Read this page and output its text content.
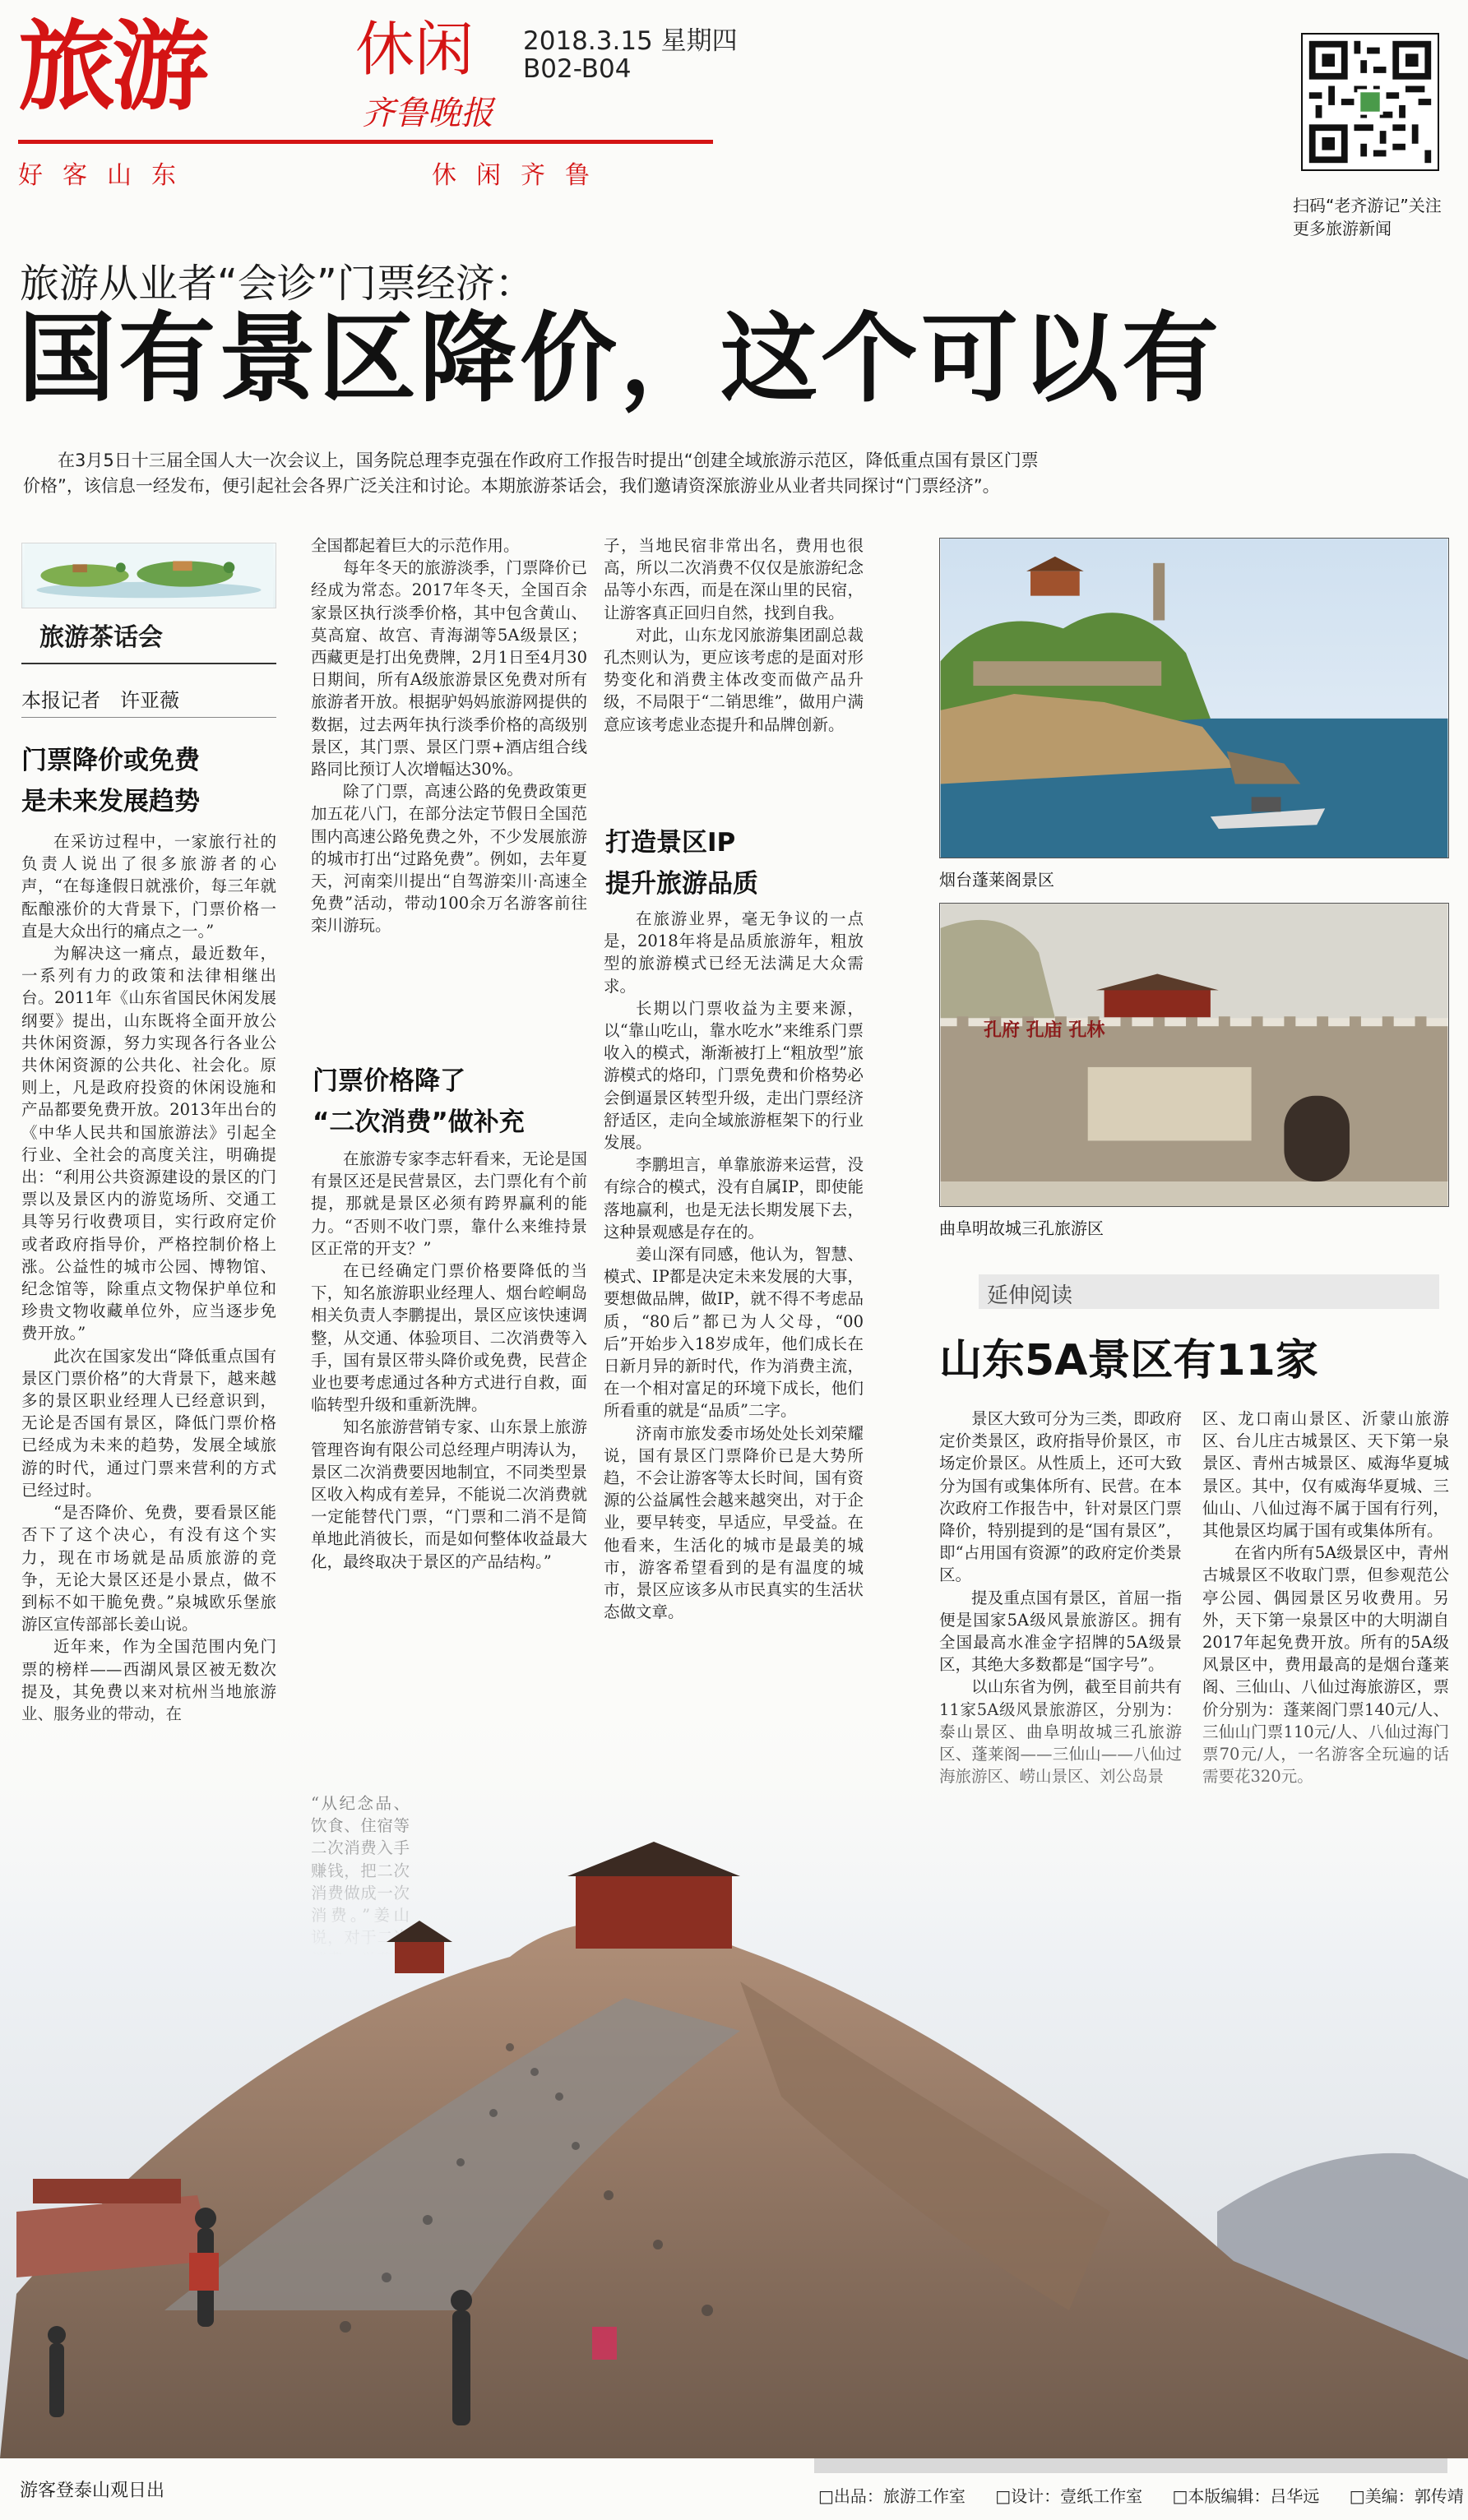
旅游	休闲
齐鲁晚报
2018.3.15 星期四
B02-B04
好客山东	休闲齐鲁
扫码“老齐游记”关注更多旅游新闻
旅游从业者“会诊”门票经济：
国有景区降价，这个可以有
在3月5日十三届全国人大一次会议上，国务院总理李克强在作政府工作报告时提出“创建全域旅游示范区，降低重点国有景区门票
价格”，该信息一经发布，便引起社会各界广泛关注和讨论。本期旅游茶话会，我们邀请资深旅游业从业者共同探讨“门票经济”。
旅游茶话会
本报记者　许亚薇
门票降价或免费
是未来发展趋势

在采访过程中，一家旅行社的负责人说出了很多旅游者的心声，“在每逢假日就涨价，每三年就酝酿涨价的大背景下，门票价格一直是大众出行的痛点之一。”

为解决这一痛点，最近数年，一系列有力的政策和法律相继出台。2011年《山东省国民休闲发展纲要》提出，山东既将全面开放公共休闲资源，努力实现各行各业公共休闲资源的公共化、社会化。原则上，凡是政府投资的休闲设施和产品都要免费开放。2013年出台的《中华人民共和国旅游法》引起全行业、全社会的高度关注，明确提出：“利用公共资源建设的景区的门票以及景区内的游览场所、交通工具等另行收费项目，实行政府定价或者政府指导价，严格控制价格上涨。公益性的城市公园、博物馆、纪念馆等，除重点文物保护单位和珍贵文物收藏单位外，应当逐步免费开放。”

此次在国家发出“降低重点国有景区门票价格”的大背景下，越来越多的景区职业经理人已经意识到，无论是否国有景区，降低门票价格已经成为未来的趋势，发展全域旅游的时代，通过门票来营利的方式已经过时。

“是否降价、免费，要看景区能否下了这个决心，有没有这个实力，现在市场就是品质旅游的竞争，无论大景区还是小景点，做不到标不如干脆免费。”泉城欧乐堡旅游区宣传部部长姜山说。

近年来，作为全国范围内免门票的榜样——西湖风景区被无数次

全国都起着巨大的示范作用。

每年冬天的旅游淡季，门票降价已经成为常态。2017年冬天，全国百余家景区执行淡季价格，其中包含黄山、莫高窟、故宫、青海湖等5A级景区；西藏更是打出免费牌，2月1日至4月30日期间，所有A级旅游景区免费对所有旅游者开放。根据驴妈妈旅游网提供的数据，过去两年执行淡季价格的高级别景区，其门票、景区门票+酒店组合线路同比预订人次增幅达30%。

除了门票，高速公路的免费政策更加五花八门，在部分法定节假日全国范围内高速公路免费之外，不少发展旅游的城市打出“过路免费”。例如，去年夏天，河南栾川提出“自驾游栾川·高速全免费”活动，带动100余万名游客前往栾川游玩。

门票价格降了
“二次消费”做补充

在旅游专家李志轩看来，无论是国有景区还是民营景区，去门票化有个前提，那就是景区必须有跨界赢利的能力。“否则不收门票，靠什么来维持景区正常的开支？”

在已经确定门票价格要降低的当下，知名旅游职业经理人、烟台崆峒岛相关负责人李鹏提出，景区应该快速调整，从交通、体验项目、二次消费等入手，国有景区带头降价或免费，民营企业也要考虑通过各种方式进行自救，面临转型升级和重新洗牌。

知名旅游营销专家、山东景上旅游管理咨询有限公司总经理卢明涛认为，景区二次消费要因地制宜，不同类型景区收入构成有差异，不能说二次消费就一定能替代门票，“门票和二消不是简单地此消彼长，而是如何整体收益最大化，最终取决于景区的产品结构。”

子，当地民宿非常出名，费用也很高，所以二次消费不仅仅是旅游纪念品等小东西，而是在深山里的民宿，让游客真正回归自然，找到自我。

对此，山东龙冈旅游集团副总裁孔杰则认为，更应该考虑的是面对形势变化和消费主体改变而做产品升级，不局限于“二销思维”，做用户满意应该考虑业态提升和品牌创新。

打造景区IP
提升旅游品质

在旅游业界，毫无争议的一点是，2018年将是品质旅游年，粗放型的旅游模式已经无法满足大众需求。

长期以门票收益为主要来源，以“靠山吃山，靠水吃水”来维系门票收入的模式，渐渐被打上“粗放型”旅游模式的烙印，门票免费和价格势必会倒逼景区转型升级，走出门票经济舒适区，走向全域旅游框架下的行业发展。

李鹏坦言，单靠旅游来运营，没有综合的模式，没有自属IP，即使能落地赢利，也是无法长期发展下去，这种景观感是存在的。

姜山深有同感，他认为，智慧、模式、IP都是决定未来发展的大事，要想做品牌，做IP，就不得不考虑品质，“80后”都已为人父母，“00后”开始步入18岁成年，他们成长在日新月异的新时代，作为消费主流，在一个相对富足的环境下成长，他们所看重的就是“品质”二字。

济南市旅发委市场处处长刘荣耀说，国有景区门票降价已是大势所趋，不会让游客等太长时间，国有资源的公益属性会越来越突出，对于企业，要早转变，早适应，早受益。在他看来，生活化的城市是最美的城市，游客希望看到的是有温度的城市，景区应该多从市民真实的生活状态做文章。

烟台蓬莱阁景区
孔府 孔庙 孔林
曲阜明故城三孔旅游区
延伸阅读
山东5A景区有11家

景区大致可分为三类，即政府定价类景区，政府指导价景区，市场定价景区。从性质上，还可大致分为国有或集体所有、民营。在本次政府工作报告中，针对景区门票降价，特别提到的是“国有景区”，即“占用国有资源”的政府定价类景区。

提及重点国有景区，首屈一指便是国家5A级风景旅游区。拥有全国最高水准金字招牌的5A级景区，其绝大多数都是“国字号”。

区、龙口南山景区、沂蒙山旅游区、台儿庄古城景区、天下第一泉景区、青州古城景区、威海华夏城景区。其中，仅有威海华夏城、三仙山、八仙过海不属于国有行列，其他景区均属于国有或集体所有。

在省内所有5A级景区中，青州古城景区不收取门票，但参观范公亭公园、偶园景区另收费用。另外，天下第一泉景区中的大明湖自2017年起免费开放。所有的5A级风景区中，费用最高的是烟台蓬莱

游客登泰山观日出	□出品：旅游工作室 □设计：壹纸工作室 □本版编辑：吕华远 □美编：郭传靖
